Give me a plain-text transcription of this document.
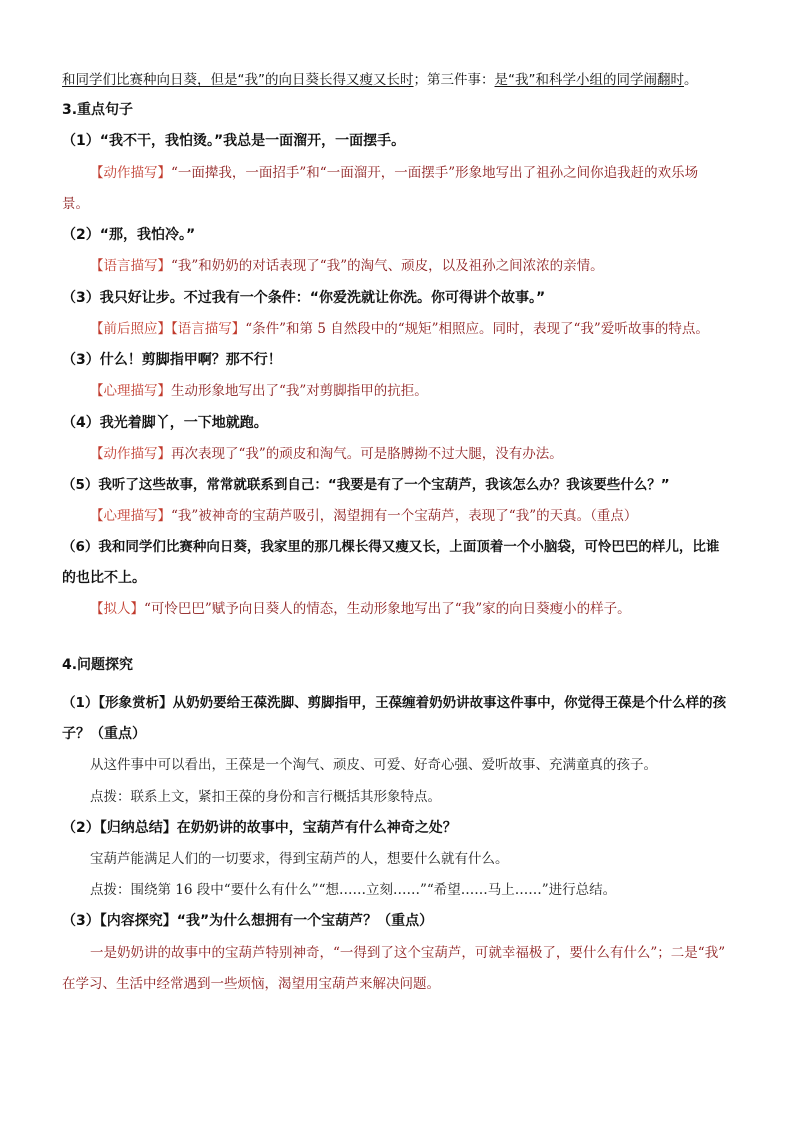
和同学们比赛种向日葵，但是“我”的向日葵长得又瘦又长时；第三件事：是“我”和科学小组的同学闹翻时。
3.重点句子
（1）“我不干，我怕烫。”我总是一面溜开，一面摆手。
【动作描写】“一面撵我，一面招手”和“一面溜开，一面摆手”形象地写出了祖孙之间你追我赶的欢乐场
景。
（2）“那，我怕冷。”
【语言描写】“我”和奶奶的对话表现了“我”的淘气、顽皮，以及祖孙之间浓浓的亲情。
（3）我只好让步。不过我有一个条件：“你爱洗就让你洗。你可得讲个故事。”
【前后照应】【语言描写】“条件”和第 5 自然段中的“规矩”相照应。同时，表现了“我”爱听故事的特点。
（3）什么！剪脚指甲啊？那不行！
【心理描写】生动形象地写出了“我”对剪脚指甲的抗拒。
（4）我光着脚丫，一下地就跑。
【动作描写】再次表现了“我”的顽皮和淘气。可是胳膊拗不过大腿，没有办法。
（5）我听了这些故事，常常就联系到自己：“我要是有了一个宝葫芦，我该怎么办？我该要些什么？”
【心理描写】“我”被神奇的宝葫芦吸引，渴望拥有一个宝葫芦，表现了“我”的天真。（重点）
（6）我和同学们比赛种向日葵，我家里的那几棵长得又瘦又长，上面顶着一个小脑袋，可怜巴巴的样儿，比谁
的也比不上。
【拟人】“可怜巴巴”赋予向日葵人的情态，生动形象地写出了“我”家的向日葵瘦小的样子。
4.问题探究
（1）【形象赏析】从奶奶要给王葆洗脚、剪脚指甲，王葆缠着奶奶讲故事这件事中，你觉得王葆是个什么样的孩
子？（重点）
从这件事中可以看出，王葆是一个淘气、顽皮、可爱、好奇心强、爱听故事、充满童真的孩子。
点拨：联系上文，紧扣王葆的身份和言行概括其形象特点。
（2）【归纳总结】在奶奶讲的故事中，宝葫芦有什么神奇之处？
宝葫芦能满足人们的一切要求，得到宝葫芦的人，想要什么就有什么。
点拨：围绕第 16 段中“要什么有什么”“想……立刻……”“希望……马上……”进行总结。
（3）【内容探究】“我”为什么想拥有一个宝葫芦？（重点）
一是奶奶讲的故事中的宝葫芦特别神奇，“一得到了这个宝葫芦，可就幸福极了，要什么有什么”；二是“我”
在学习、生活中经常遇到一些烦恼，渴望用宝葫芦来解决问题。
